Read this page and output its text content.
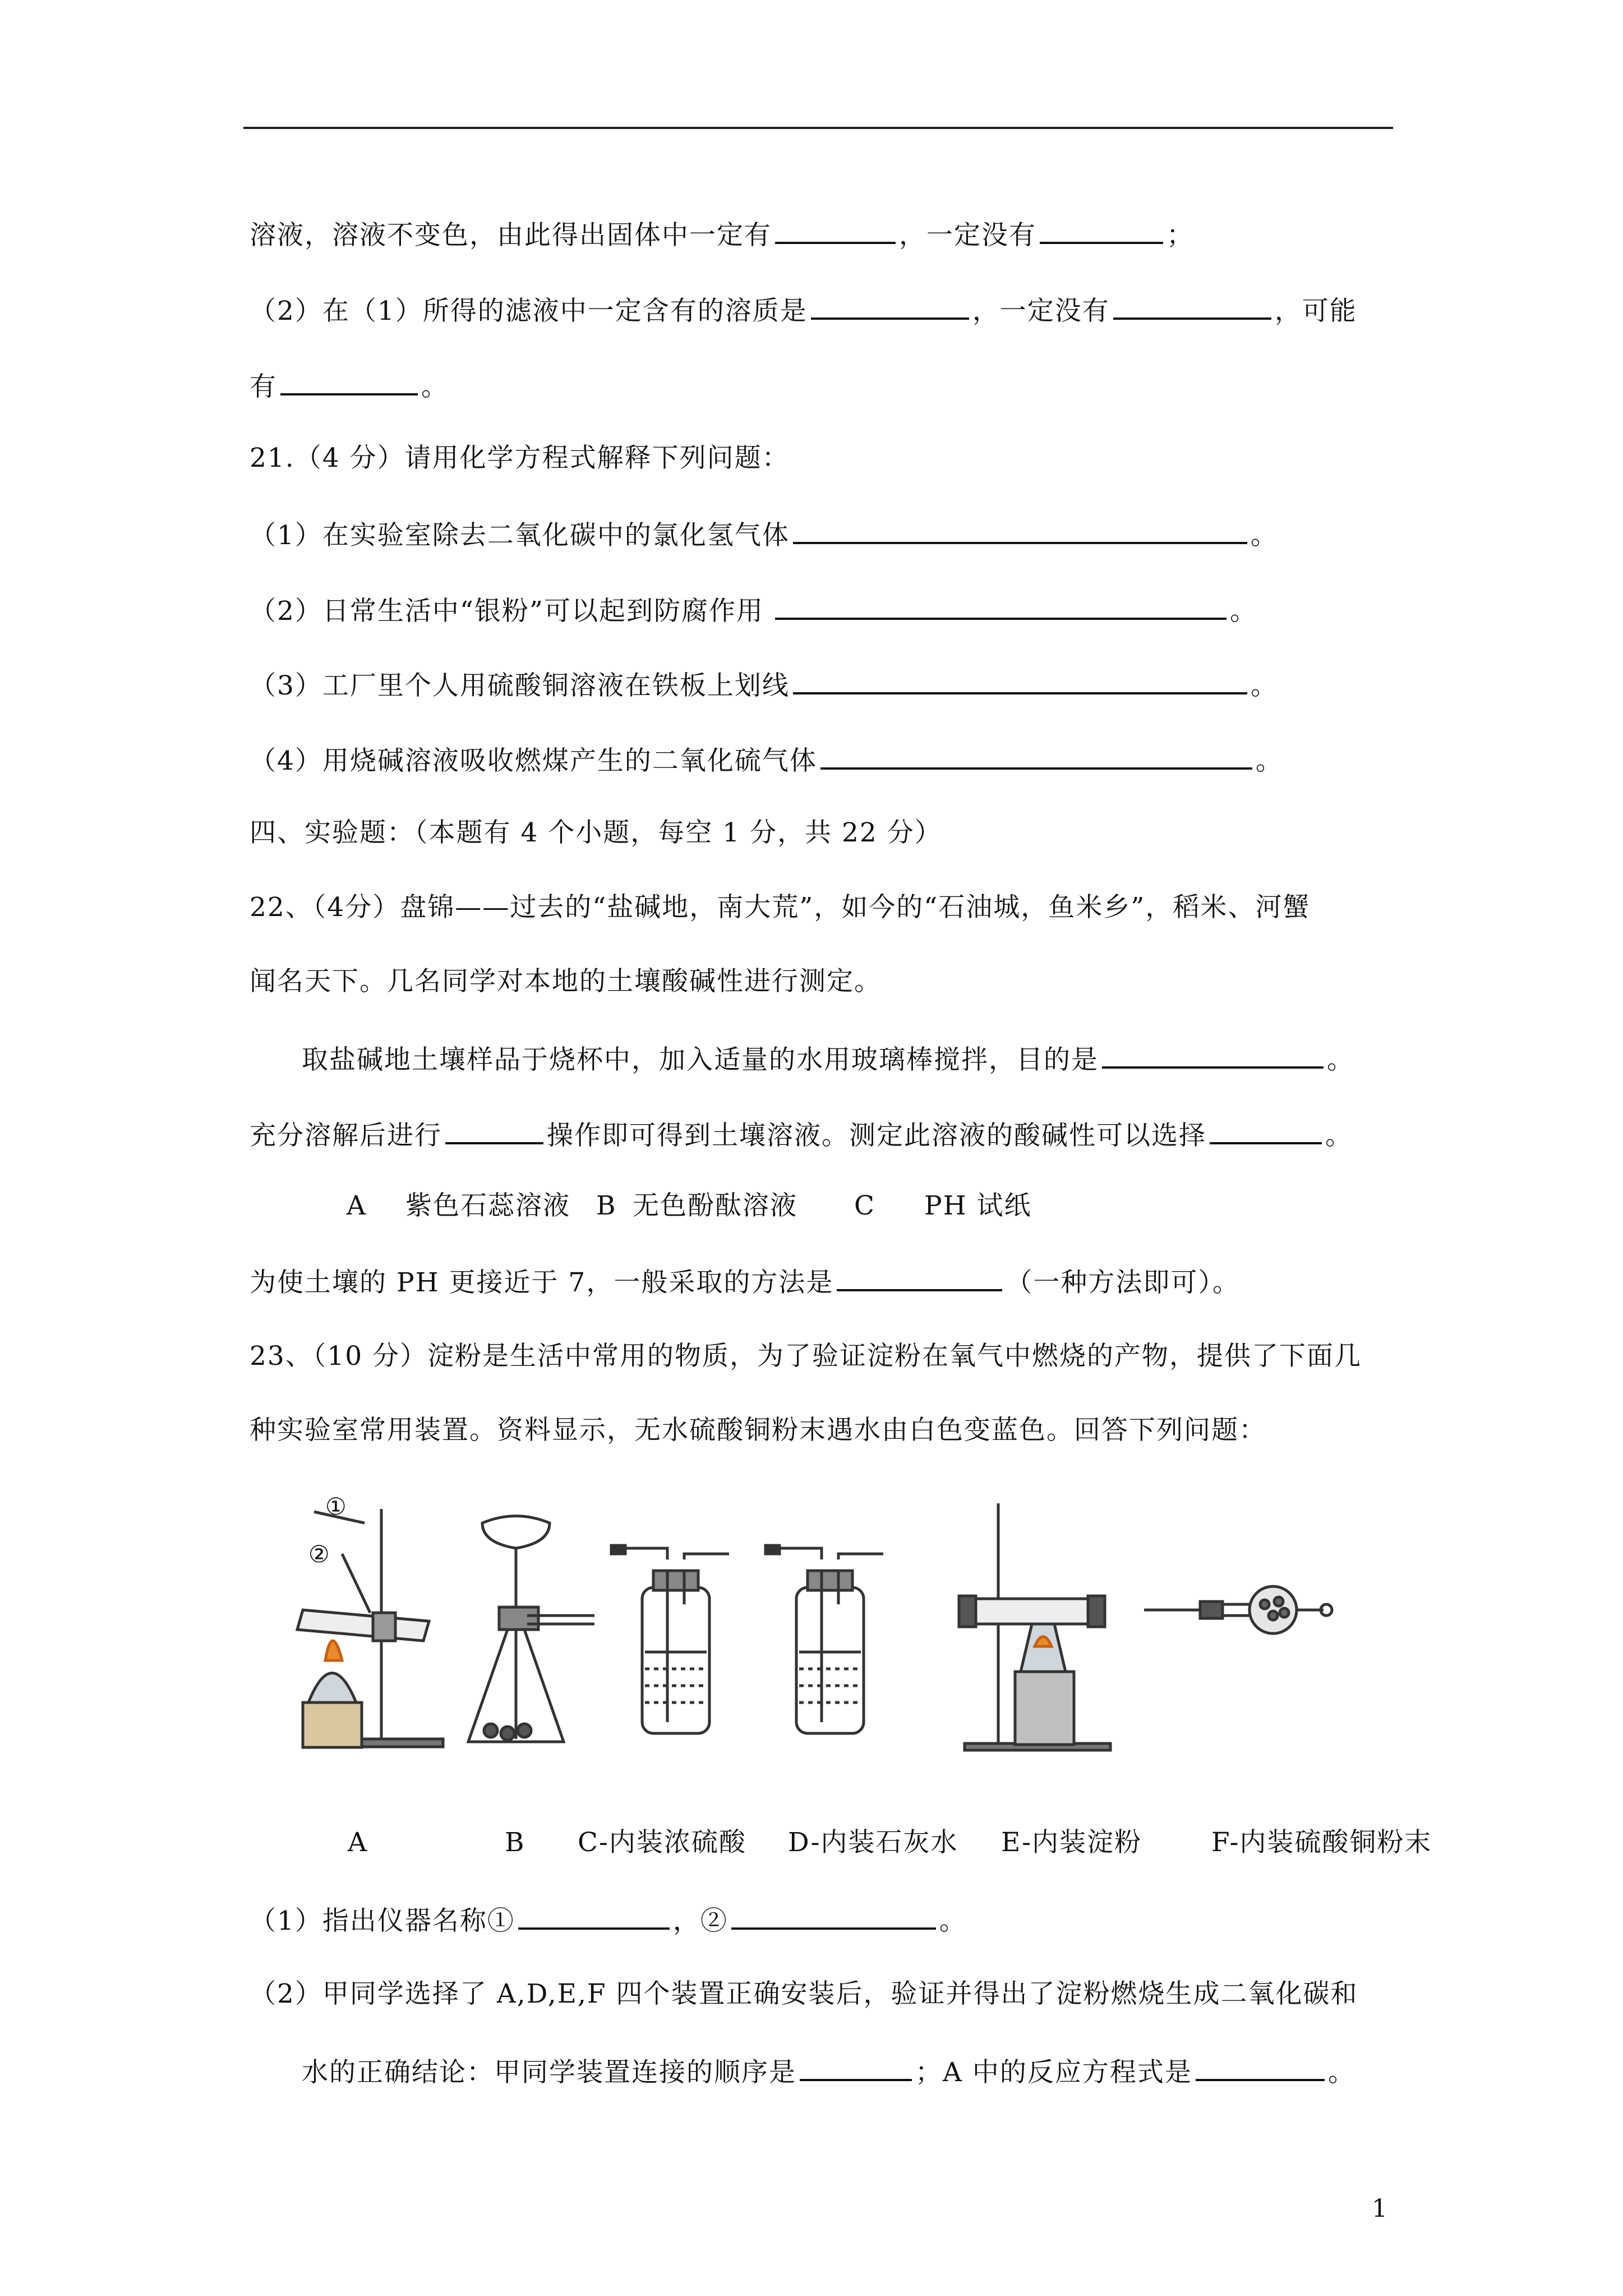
溶液，溶液不变色，由此得出固体中一定有	，一定没有	；
（2）在（1）所得的滤液中一定含有的溶质是	，一定没有	，可能
有	。
21.（4 分）请用化学方程式解释下列问题：
（1）在实验室除去二氧化碳中的氯化氢气体	。
（2）日常生活中“银粉”可以起到防腐作用	。
（3）工厂里个人用硫酸铜溶液在铁板上划线	。
（4）用烧碱溶液吸收燃煤产生的二氧化硫气体	。
四、实验题：（本题有 4 个小题，每空 1 分，共 22 分）
22、（4分）盘锦——过去的“盐碱地，南大荒”，如今的“石油城，鱼米乡”，稻米、河蟹
闻名天下。几名同学对本地的土壤酸碱性进行测定。
取盐碱地土壤样品于烧杯中，加入适量的水用玻璃棒搅拌，目的是	。
充分溶解后进行	操作即可得到土壤溶液。测定此溶液的酸碱性可以选择	。
A 紫色石蕊溶液 B 无色酚酞溶液 C PH 试纸
为使土壤的 PH 更接近于 7，一般采取的方法是	（一种方法即可）。
23、（10 分）淀粉是生活中常用的物质，为了验证淀粉在氧气中燃烧的产物，提供了下面几
种实验室常用装置。资料显示，无水硫酸铜粉末遇水由白色变蓝色。回答下列问题：
①
②
A	B C-内装浓硫酸 D-内装石灰水 E-内装淀粉	F-内装硫酸铜粉末
（1）指出仪器名称①	，②	。
（2）甲同学选择了 A,D,E,F 四个装置正确安装后，验证并得出了淀粉燃烧生成二氧化碳和
水的正确结论：甲同学装置连接的顺序是	；A 中的反应方程式是	。
1
